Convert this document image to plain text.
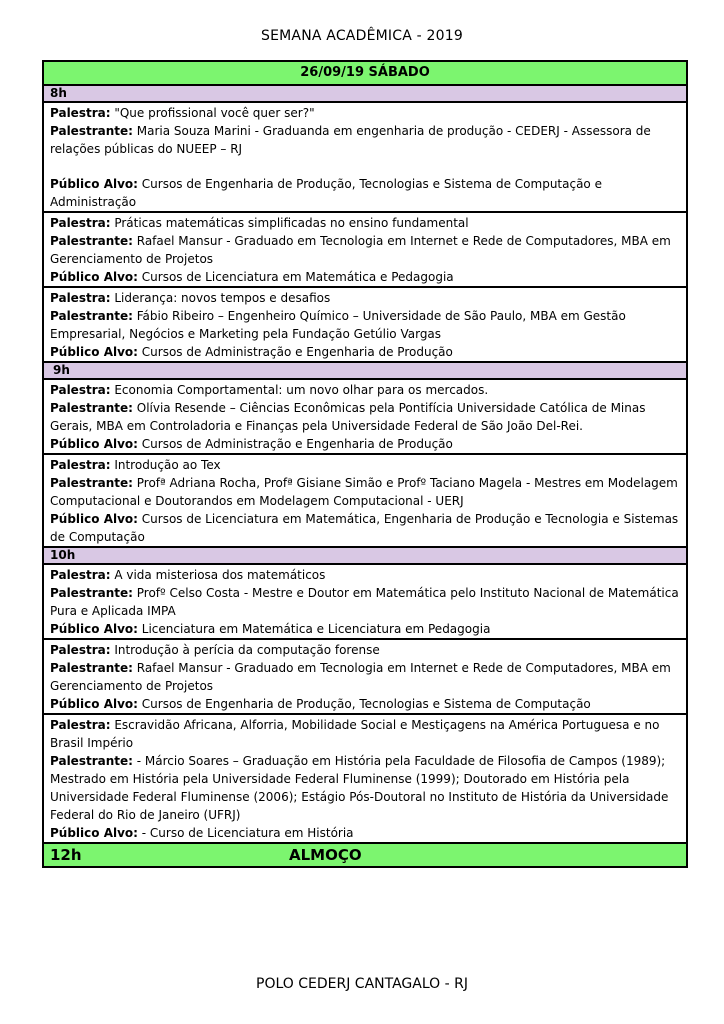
SEMANA ACADÊMICA - 2019
26/09/19 SÁBADO
8h
Palestra: "Que profissional você quer ser?"
Palestrante: Maria Souza Marini - Graduanda em engenharia de produção - CEDERJ - Assessora de relações públicas do NUEEP – RJ
Público Alvo: Cursos de Engenharia de Produção, Tecnologias e Sistema de Computação e Administração
Palestra: Práticas matemáticas simplificadas no ensino fundamental
Palestrante: Rafael Mansur - Graduado em Tecnologia em Internet e Rede de Computadores, MBA em Gerenciamento de Projetos
Público Alvo: Cursos de Licenciatura em Matemática e Pedagogia
Palestra: Liderança: novos tempos e desafios
Palestrante: Fábio Ribeiro – Engenheiro Químico – Universidade de São Paulo, MBA em Gestão Empresarial, Negócios e Marketing pela Fundação Getúlio Vargas
Público Alvo: Cursos de Administração e Engenharia de Produção
9h
Palestra: Economia Comportamental: um novo olhar para os mercados.
Palestrante: Olívia Resende – Ciências Econômicas pela Pontifícia Universidade Católica de Minas Gerais, MBA em Controladoria e Finanças pela Universidade Federal de São João Del-Rei.
Público Alvo: Cursos de Administração e Engenharia de Produção
Palestra: Introdução ao Tex
Palestrante: Profª Adriana Rocha, Profª Gisiane Simão e Profº Taciano Magela - Mestres em Modelagem Computacional e Doutorandos em Modelagem Computacional - UERJ
Público Alvo: Cursos de Licenciatura em Matemática, Engenharia de Produção e Tecnologia e Sistemas de Computação
10h
Palestra: A vida misteriosa dos matemáticos
Palestrante: Profº Celso Costa - Mestre e Doutor em Matemática pelo Instituto Nacional de Matemática Pura e Aplicada IMPA
Público Alvo: Licenciatura em Matemática e Licenciatura em Pedagogia
Palestra: Introdução à perícia da computação forense
Palestrante: Rafael Mansur - Graduado em Tecnologia em Internet e Rede de Computadores, MBA em Gerenciamento de Projetos
Público Alvo: Cursos de Engenharia de Produção, Tecnologias e Sistema de Computação
Palestra: Escravidão Africana, Alforria, Mobilidade Social e Mestiçagens na América Portuguesa e no Brasil Império
Palestrante: - Márcio Soares – Graduação em História pela Faculdade de Filosofia de Campos (1989); Mestrado em História pela Universidade Federal Fluminense (1999); Doutorado em História pela Universidade Federal Fluminense (2006); Estágio Pós-Doutoral no Instituto de História da Universidade Federal do Rio de Janeiro (UFRJ)
Público Alvo: - Curso de Licenciatura em História
12h	ALMOÇO
POLO CEDERJ CANTAGALO - RJ
